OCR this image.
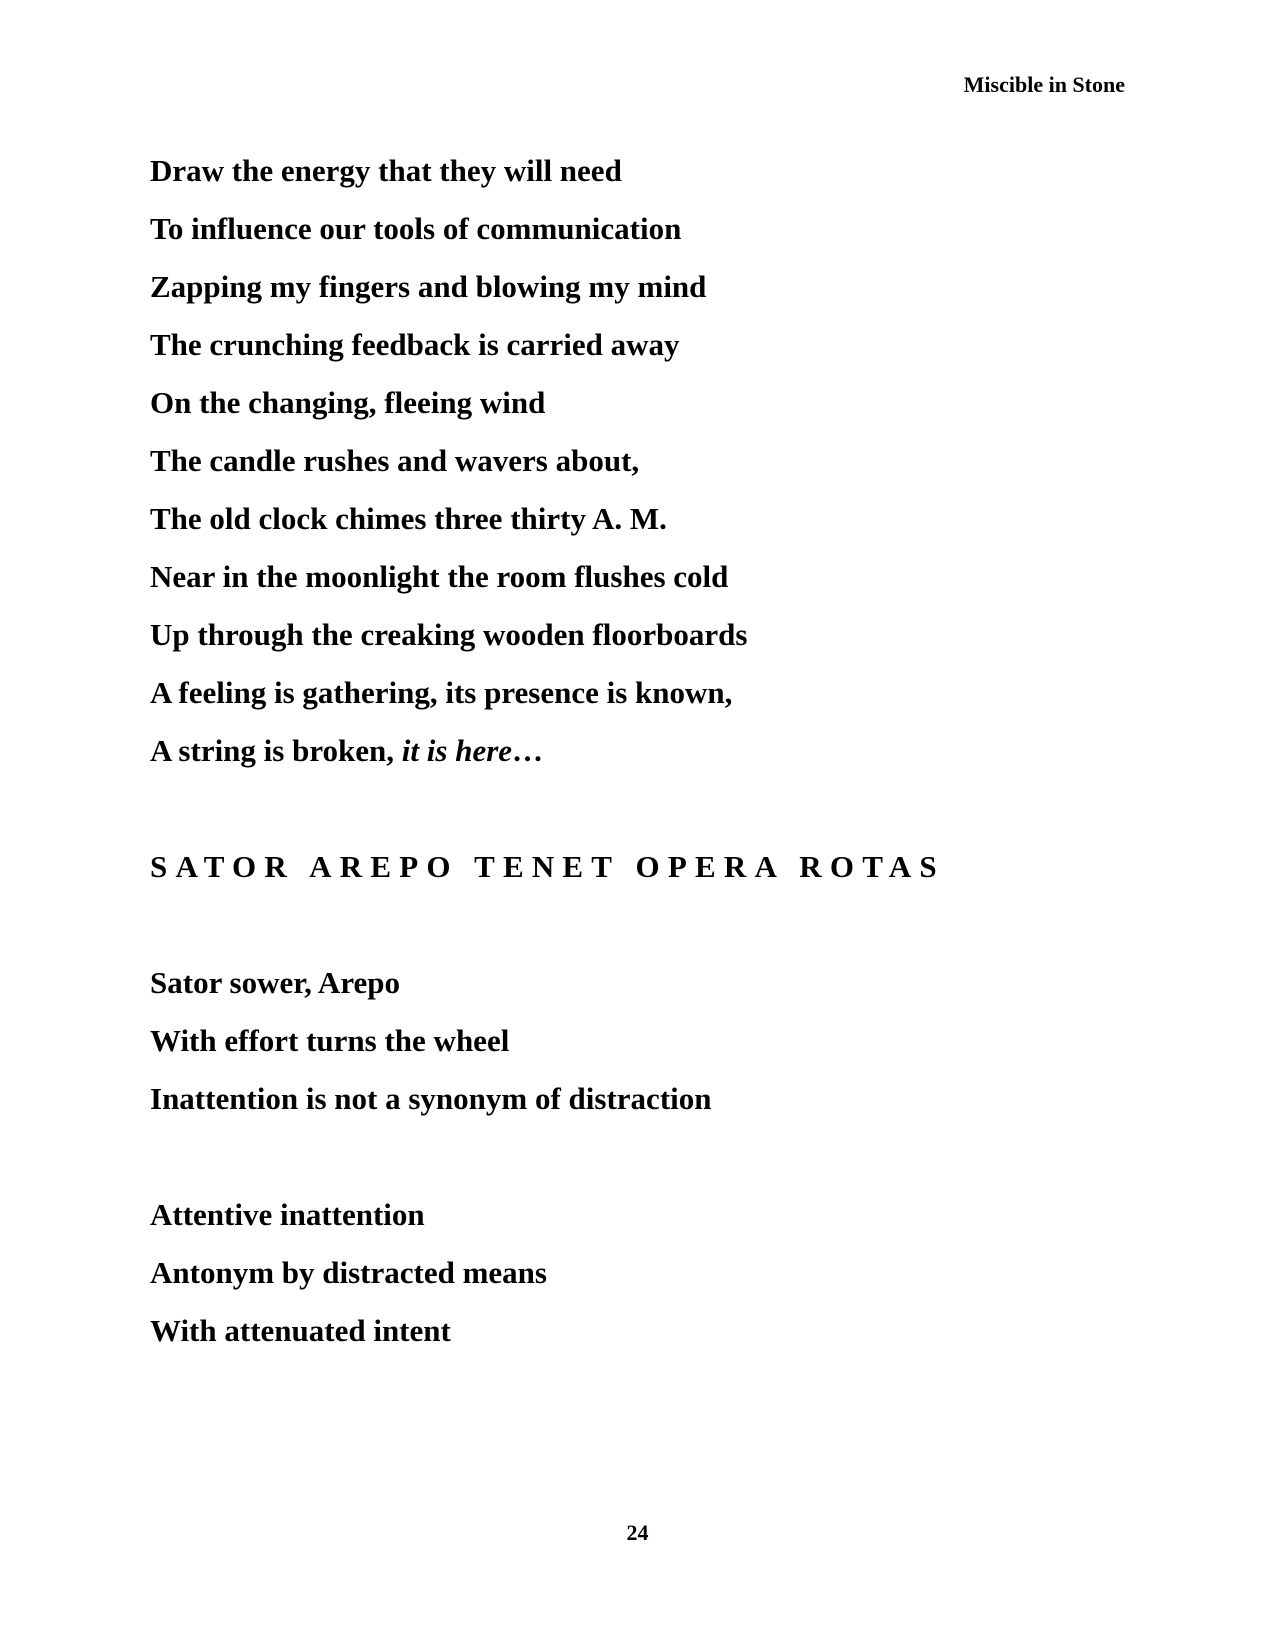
Miscible in Stone
Draw the energy that they will need
To influence our tools of communication
Zapping my fingers and blowing my mind
The crunching feedback is carried away
On the changing, fleeing wind
The candle rushes and wavers about,
The old clock chimes three thirty A. M.
Near in the moonlight the room flushes cold
Up through the creaking wooden floorboards
A feeling is gathering, its presence is known,
A string is broken, it is here…
SATOR AREPO TENET OPERA ROTAS
Sator sower, Arepo
With effort turns the wheel
Inattention is not a synonym of distraction
Attentive inattention
Antonym by distracted means
With attenuated intent
24
